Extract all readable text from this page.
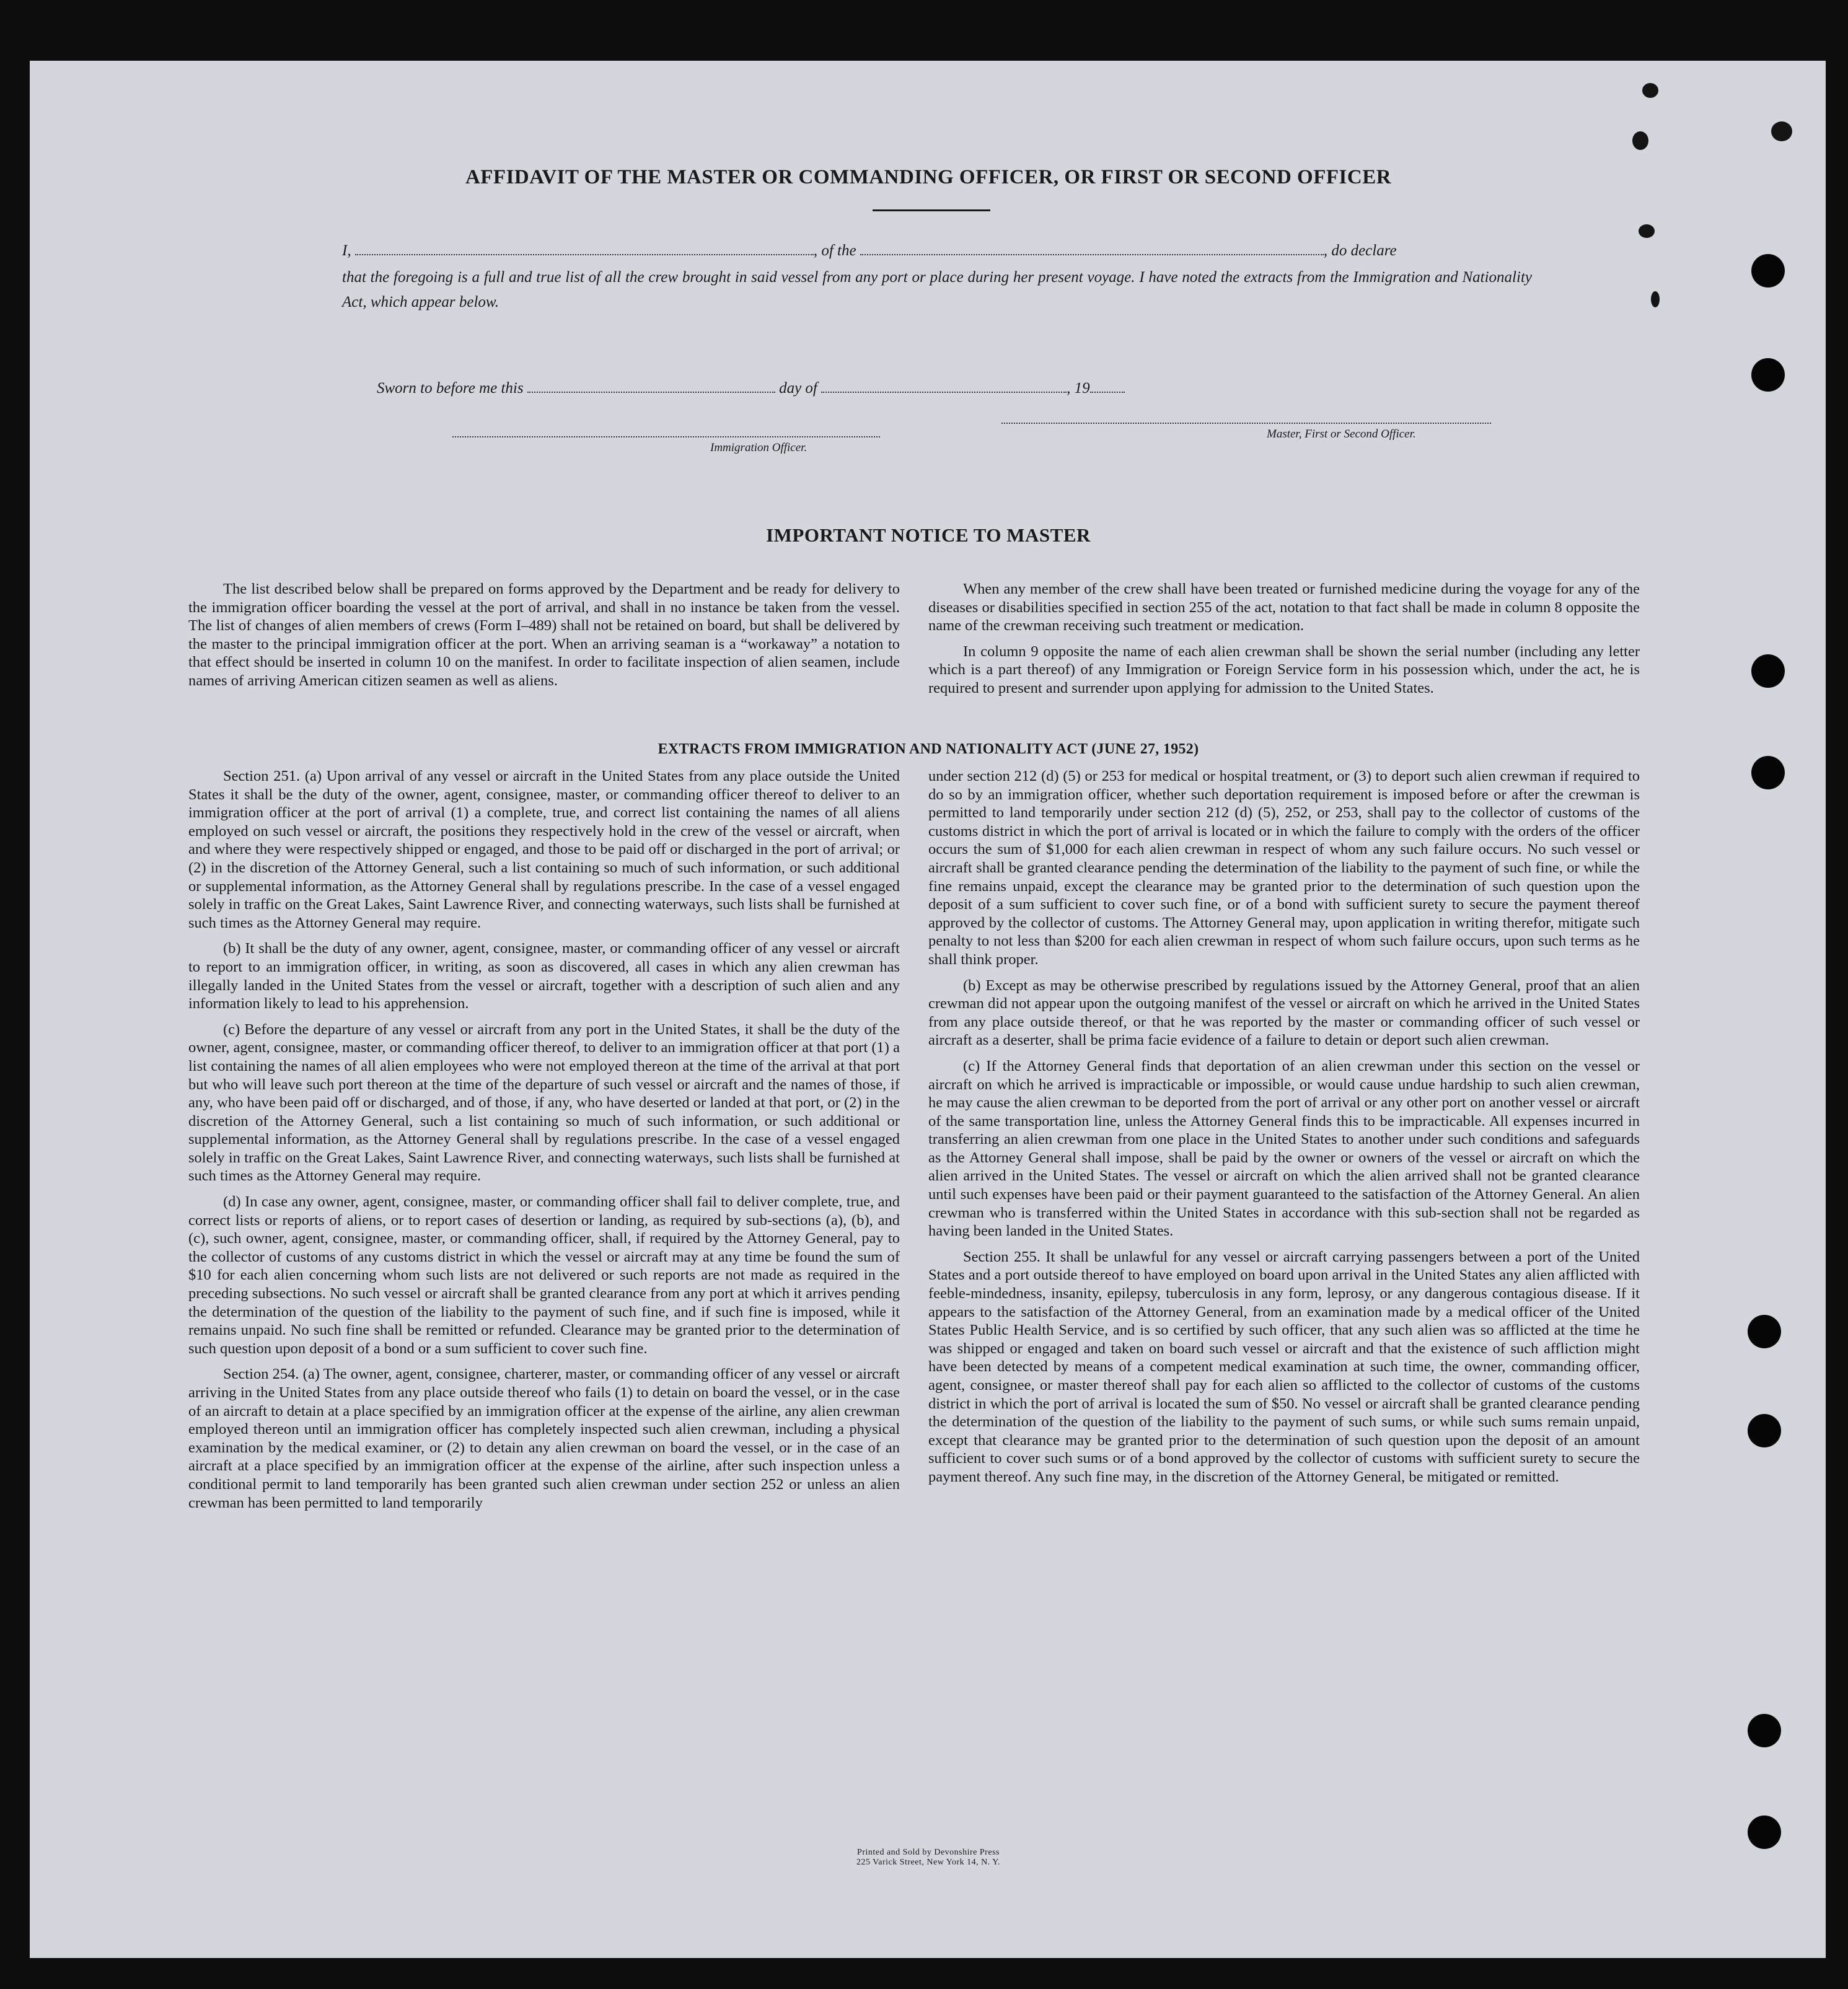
AFFIDAVIT OF THE MASTER OR COMMANDING OFFICER, OR FIRST OR SECOND OFFICER
I,	, of the	, do declare
that the foregoing is a full and true list of all the crew brought in said vessel from any port or place during her present voyage. I have noted the extracts from the Immigration and Nationality Act, which appear below.
Master, First or Second Officer.
Sworn to before me this	day of	, 19
Immigration Officer.
IMPORTANT NOTICE TO MASTER

The list described below shall be prepared on forms approved by the Department and be ready for delivery to the immigration officer boarding the vessel at the port of arrival, and shall in no instance be taken from the vessel. The list of changes of alien members of crews (Form I–489) shall not be retained on board, but shall be delivered by the master to the principal immigration officer at the port. When an arriving seaman is a “workaway” a notation to that effect should be inserted in column 10 on the manifest. In order to facilitate inspection of alien seamen, include names of arriving American citizen seamen as well as aliens.

When any member of the crew shall have been treated or furnished medicine during the voyage for any of the diseases or disabilities specified in section 255 of the act, notation to that fact shall be made in column 8 opposite the name of the crewman receiving such treatment or medication.

In column 9 opposite the name of each alien crewman shall be shown the serial number (including any letter which is a part thereof) of any Immigration or Foreign Service form in his possession which, under the act, he is required to present and surrender upon applying for admission to the United States.

EXTRACTS FROM IMMIGRATION AND NATIONALITY ACT (JUNE 27, 1952)

Section 251. (a) Upon arrival of any vessel or aircraft in the United States from any place outside the United States it shall be the duty of the owner, agent, consignee, master, or commanding officer thereof to deliver to an immigration officer at the port of arrival (1) a complete, true, and correct list containing the names of all aliens employed on such vessel or aircraft, the positions they respectively hold in the crew of the vessel or aircraft, when and where they were respectively shipped or engaged, and those to be paid off or discharged in the port of arrival; or (2) in the discretion of the Attorney General, such a list containing so much of such information, or such additional or supplemental information, as the Attorney General shall by regulations prescribe. In the case of a vessel engaged solely in traffic on the Great Lakes, Saint Lawrence River, and connecting waterways, such lists shall be furnished at such times as the Attorney General may require.

(b) It shall be the duty of any owner, agent, consignee, master, or commanding officer of any vessel or aircraft to report to an immigration officer, in writing, as soon as discovered, all cases in which any alien crewman has illegally landed in the United States from the vessel or aircraft, together with a description of such alien and any information likely to lead to his apprehension.

(c) Before the departure of any vessel or aircraft from any port in the United States, it shall be the duty of the owner, agent, consignee, master, or commanding officer thereof, to deliver to an immigration officer at that port (1) a list containing the names of all alien employees who were not employed thereon at the time of the arrival at that port but who will leave such port thereon at the time of the departure of such vessel or aircraft and the names of those, if any, who have been paid off or discharged, and of those, if any, who have deserted or landed at that port, or (2) in the discretion of the Attorney General, such a list containing so much of such information, or such additional or supplemental information, as the Attorney General shall by regulations prescribe. In the case of a vessel engaged solely in traffic on the Great Lakes, Saint Lawrence River, and connecting waterways, such lists shall be furnished at such times as the Attorney General may require.

(d) In case any owner, agent, consignee, master, or commanding officer shall fail to deliver complete, true, and correct lists or reports of aliens, or to report cases of desertion or landing, as required by sub-sections (a), (b), and (c), such owner, agent, consignee, master, or commanding officer, shall, if required by the Attorney General, pay to the collector of customs of any customs district in which the vessel or aircraft may at any time be found the sum of $10 for each alien concerning whom such lists are not delivered or such reports are not made as required in the preceding subsections. No such vessel or aircraft shall be granted clearance from any port at which it arrives pending the determination of the question of the liability to the payment of such fine, and if such fine is imposed, while it remains unpaid. No such fine shall be remitted or refunded. Clearance may be granted prior to the determination of such question upon deposit of a bond or a sum sufficient to cover such fine.

Section 254. (a) The owner, agent, consignee, charterer, master, or commanding officer of any vessel or aircraft arriving in the United States from any place outside thereof who fails (1) to detain on board the vessel, or in the case of an aircraft to detain at a place specified by an immigration officer at the expense of the airline, any alien crewman employed thereon until an immigration officer has completely inspected such alien crewman, including a physical examination by the medical examiner, or (2) to detain any alien crewman on board the vessel, or in the case of an aircraft at a place specified by an immigration officer at the expense of the airline, after such inspection unless a conditional permit to land temporarily has been granted such alien crewman under section 252 or unless an alien crewman has been permitted to land temporarily

under section 212 (d) (5) or 253 for medical or hospital treatment, or (3) to deport such alien crewman if required to do so by an immigration officer, whether such deportation requirement is imposed before or after the crewman is permitted to land temporarily under section 212 (d) (5), 252, or 253, shall pay to the collector of customs of the customs district in which the port of arrival is located or in which the failure to comply with the orders of the officer occurs the sum of $1,000 for each alien crewman in respect of whom any such failure occurs. No such vessel or aircraft shall be granted clearance pending the determination of the liability to the payment of such fine, or while the fine remains unpaid, except the clearance may be granted prior to the determination of such question upon the deposit of a sum sufficient to cover such fine, or of a bond with sufficient surety to secure the payment thereof approved by the collector of customs. The Attorney General may, upon application in writing therefor, mitigate such penalty to not less than $200 for each alien crewman in respect of whom such failure occurs, upon such terms as he shall think proper.

(b) Except as may be otherwise prescribed by regulations issued by the Attorney General, proof that an alien crewman did not appear upon the outgoing manifest of the vessel or aircraft on which he arrived in the United States from any place outside thereof, or that he was reported by the master or commanding officer of such vessel or aircraft as a deserter, shall be prima facie evidence of a failure to detain or deport such alien crewman.

(c) If the Attorney General finds that deportation of an alien crewman under this section on the vessel or aircraft on which he arrived is impracticable or impossible, or would cause undue hardship to such alien crewman, he may cause the alien crewman to be deported from the port of arrival or any other port on another vessel or aircraft of the same transportation line, unless the Attorney General finds this to be impracticable. All expenses incurred in transferring an alien crewman from one place in the United States to another under such conditions and safeguards as the Attorney General shall impose, shall be paid by the owner or owners of the vessel or aircraft on which the alien arrived in the United States. The vessel or aircraft on which the alien arrived shall not be granted clearance until such expenses have been paid or their payment guaranteed to the satisfaction of the Attorney General. An alien crewman who is transferred within the United States in accordance with this sub-section shall not be regarded as having been landed in the United States.

Section 255. It shall be unlawful for any vessel or aircraft carrying passengers between a port of the United States and a port outside thereof to have employed on board upon arrival in the United States any alien afflicted with feeble-mindedness, insanity, epilepsy, tuberculosis in any form, leprosy, or any dangerous contagious disease. If it appears to the satisfaction of the Attorney General, from an examination made by a medical officer of the United States Public Health Service, and is so certified by such officer, that any such alien was so afflicted at the time he was shipped or engaged and taken on board such vessel or aircraft and that the existence of such affliction might have been detected by means of a competent medical examination at such time, the owner, commanding officer, agent, consignee, or master thereof shall pay for each alien so afflicted to the collector of customs of the customs district in which the port of arrival is located the sum of $50. No vessel or aircraft shall be granted clearance pending the determination of the question of the liability to the payment of such sums, or while such sums remain unpaid, except that clearance may be granted prior to the determination of such question upon the deposit of an amount sufficient to cover such sums or of a bond approved by the collector of customs with sufficient surety to secure the payment thereof. Any such fine may, in the discretion of the Attorney General, be mitigated or remitted.

Printed and Sold by Devonshire Press
225 Varick Street, New York 14, N. Y.
